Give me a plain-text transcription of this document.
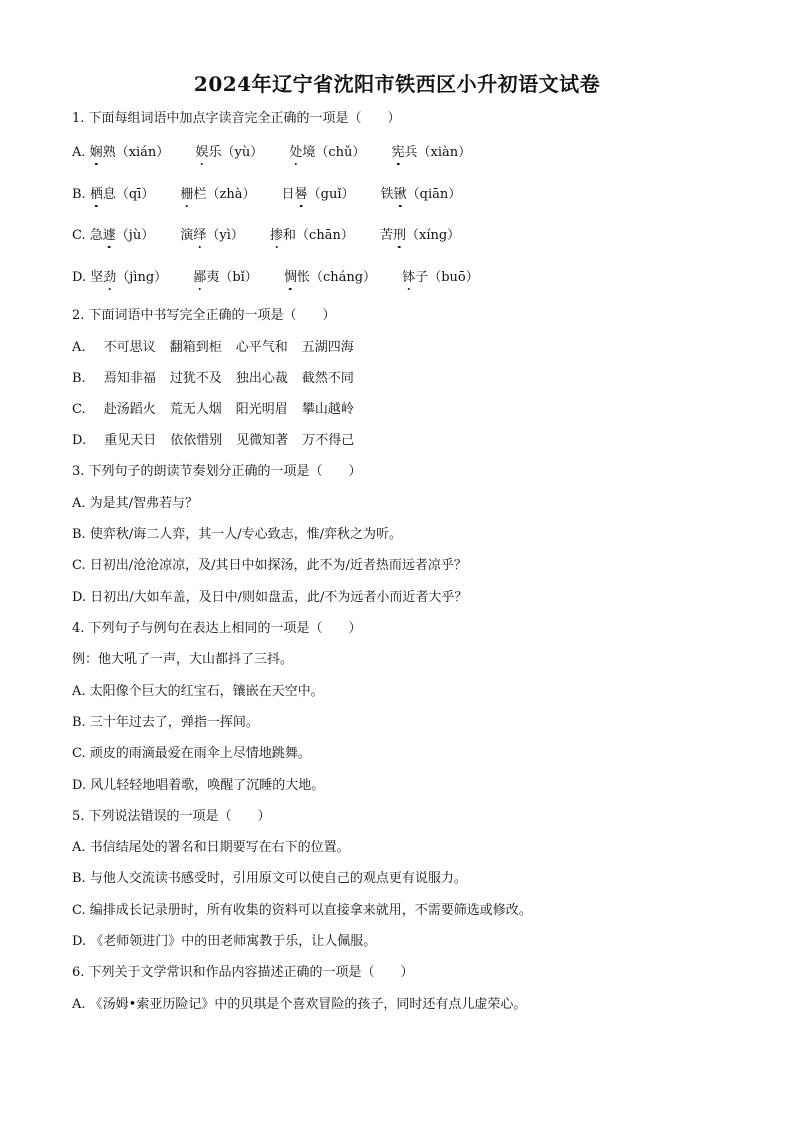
2024年辽宁省沈阳市铁西区小升初语文试卷
1. 下面每组词语中加点字读音完全正确的一项是（　　）
A. 娴熟（xián） 娱乐（yù） 处境（chǔ） 宪兵（xiàn）
B. 栖息（qī） 栅栏（zhà） 日晷（guǐ） 铁锹（qiān）
C. 急遽（jù） 演绎（yì） 掺和（chān） 苦刑（xíng）
D. 坚劲（jìng） 鄙夷（bǐ） 惆怅（cháng） 钵子（buō）
2. 下面词语中书写完全正确的一项是（　　）
A. 不可思议 翻箱到柜 心平气和 五湖四海
B. 焉知非福 过犹不及 独出心裁 截然不同
C. 赴汤蹈火 荒无人烟 阳光明眉 攀山越岭
D. 重见天日 依依惜别 见微知著 万不得己
3. 下列句子的朗读节奏划分正确的一项是（　　）
A. 为是其/智弗若与？
B. 使弈秋/诲二人弈，其一人/专心致志，惟/弈秋之为听。
C. 日初出/沧沧凉凉，及/其日中如探汤，此不为/近者热而远者凉乎？
D. 日初出/大如车盖，及日中/则如盘盂，此/不为远者小而近者大乎？
4. 下列句子与例句在表达上相同的一项是（　　）
例：他大吼了一声，大山都抖了三抖。
A. 太阳像个巨大的红宝石，镶嵌在天空中。
B. 三十年过去了，弹指一挥间。
C. 顽皮的雨滴最爱在雨伞上尽情地跳舞。
D. 风儿轻轻地唱着歌，唤醒了沉睡的大地。
5. 下列说法错误的一项是（　　）
A. 书信结尾处的署名和日期要写在右下的位置。
B. 与他人交流读书感受时，引用原文可以使自己的观点更有说服力。
C. 编排成长记录册时，所有收集的资料可以直接拿来就用，不需要筛选或修改。
D. 《老师领进门》中的田老师寓教于乐，让人佩服。
6. 下列关于文学常识和作品内容描述正确的一项是（　　）
A. 《汤姆•索亚历险记》中的贝琪是个喜欢冒险的孩子，同时还有点儿虚荣心。
